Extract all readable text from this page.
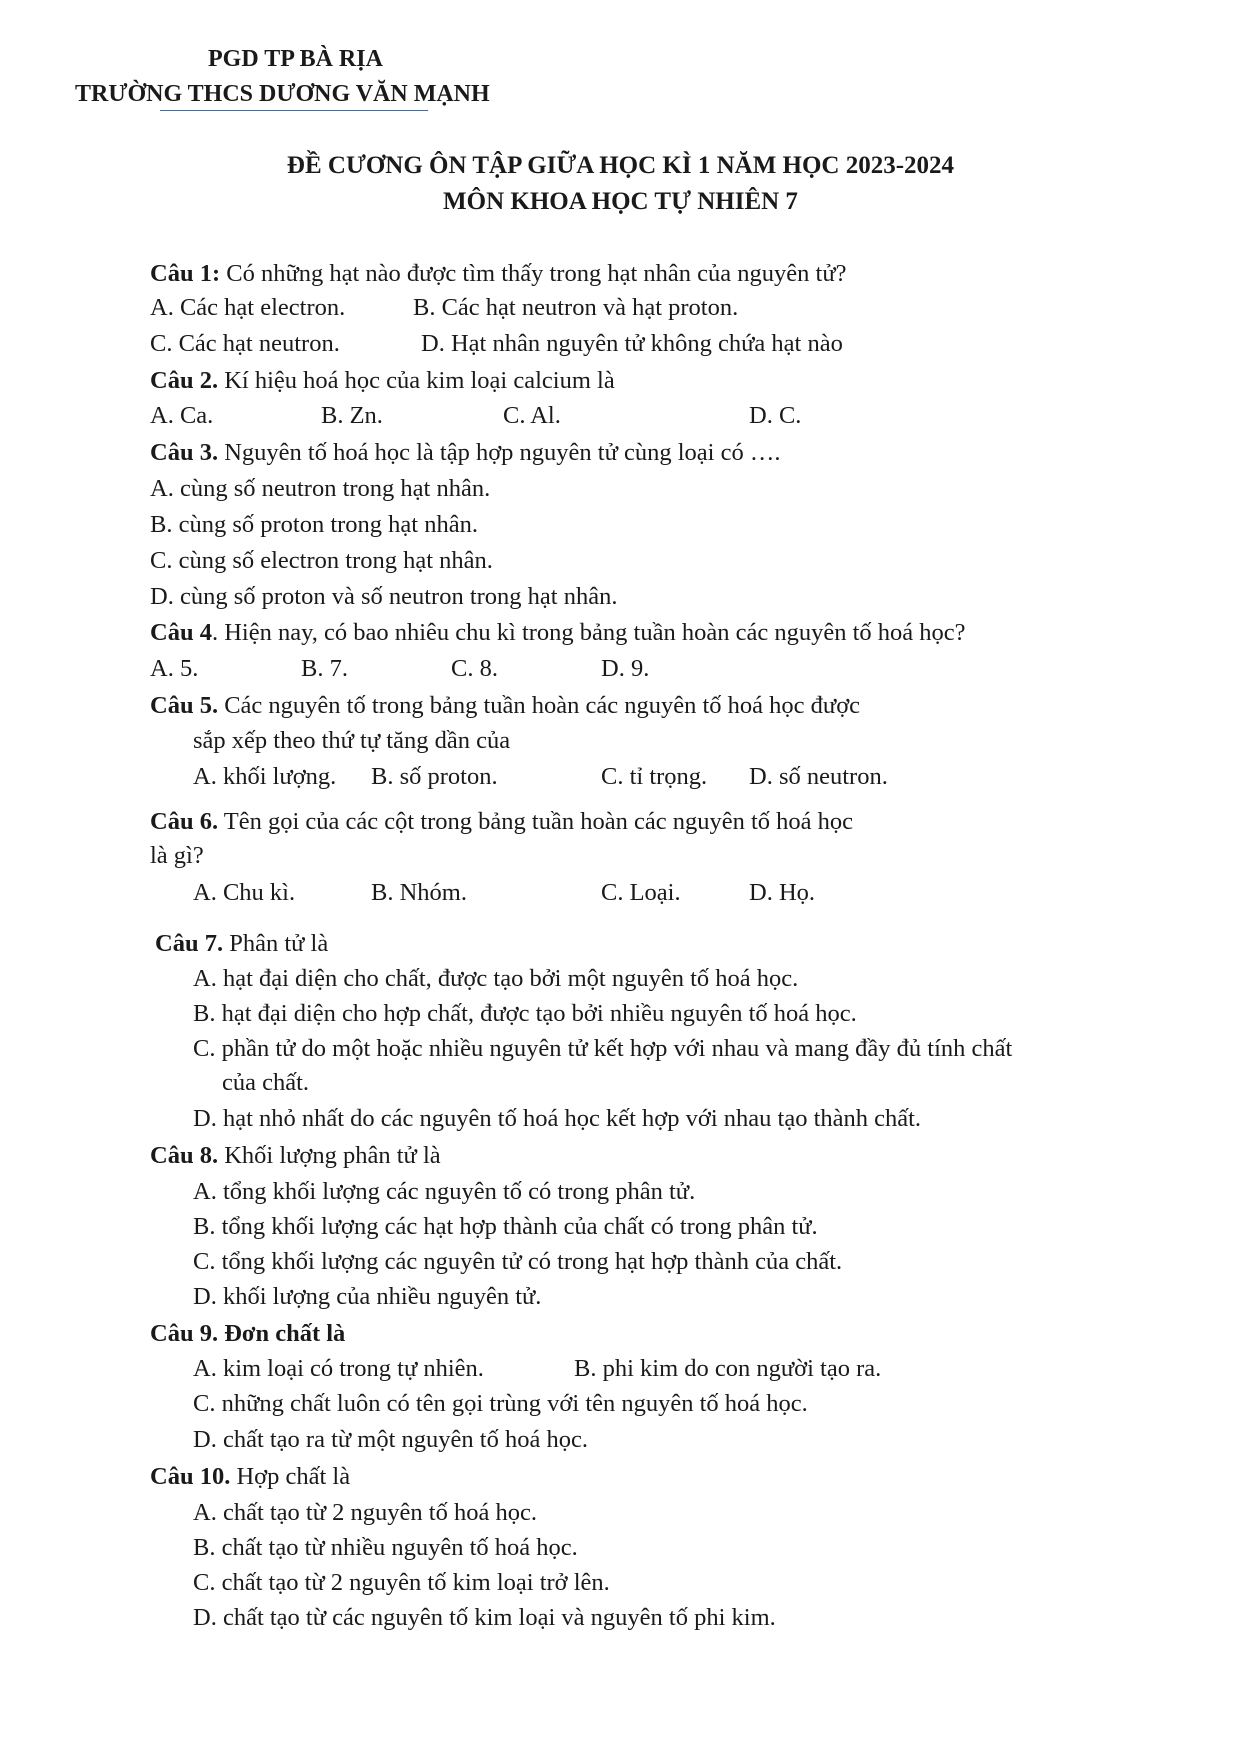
PGD TP BÀ RỊA
TRƯỜNG THCS DƯƠNG VĂN MẠNH
ĐỀ CƯƠNG ÔN TẬP GIỮA HỌC KÌ 1 NĂM HỌC 2023-2024
MÔN KHOA HỌC TỰ NHIÊN 7
Câu 1: Có những hạt nào được tìm thấy trong hạt nhân của nguyên tử?
A. Các hạt electron.	B. Các hạt neutron và hạt proton.
C. Các hạt neutron.	D. Hạt nhân nguyên tử không chứa hạt nào
Câu 2. Kí hiệu hoá học của kim loại calcium là
A. Ca.	B. Zn.	C. Al.	D. C.
Câu 3. Nguyên tố hoá học là tập hợp nguyên tử cùng loại có ….
A. cùng số neutron trong hạt nhân.
B. cùng số proton trong hạt nhân.
C. cùng số electron trong hạt nhân.
D. cùng số proton và số neutron trong hạt nhân.
Câu 4. Hiện nay, có bao nhiêu chu kì trong bảng tuần hoàn các nguyên tố hoá học?
A. 5.	B. 7.	C. 8.	D. 9.
Câu 5. Các nguyên tố trong bảng tuần hoàn các nguyên tố hoá học được
sắp xếp theo thứ tự tăng dần của
A. khối lượng. B. số proton.	C. tỉ trọng. D. số neutron.
Câu 6. Tên gọi của các cột trong bảng tuần hoàn các nguyên tố hoá học
là gì?
A. Chu kì.	B. Nhóm.	C. Loại.	D. Họ.
Câu 7. Phân tử là
A. hạt đại diện cho chất, được tạo bởi một nguyên tố hoá học.
B. hạt đại diện cho hợp chất, được tạo bởi nhiều nguyên tố hoá học.
C. phần tử do một hoặc nhiều nguyên tử kết hợp với nhau và mang đầy đủ tính chất
của chất.
D. hạt nhỏ nhất do các nguyên tố hoá học kết hợp với nhau tạo thành chất.
Câu 8. Khối lượng phân tử là
A. tổng khối lượng các nguyên tố có trong phân tử.
B. tổng khối lượng các hạt hợp thành của chất có trong phân tử.
C. tổng khối lượng các nguyên tử có trong hạt hợp thành của chất.
D. khối lượng của nhiều nguyên tử.
Câu 9. Đơn chất là
A. kim loại có trong tự nhiên.	B. phi kim do con người tạo ra.
C. những chất luôn có tên gọi trùng với tên nguyên tố hoá học.
D. chất tạo ra từ một nguyên tố hoá học.
Câu 10. Hợp chất là
A. chất tạo từ 2 nguyên tố hoá học.
B. chất tạo từ nhiều nguyên tố hoá học.
C. chất tạo từ 2 nguyên tố kim loại trở lên.
D. chất tạo từ các nguyên tố kim loại và nguyên tố phi kim.
